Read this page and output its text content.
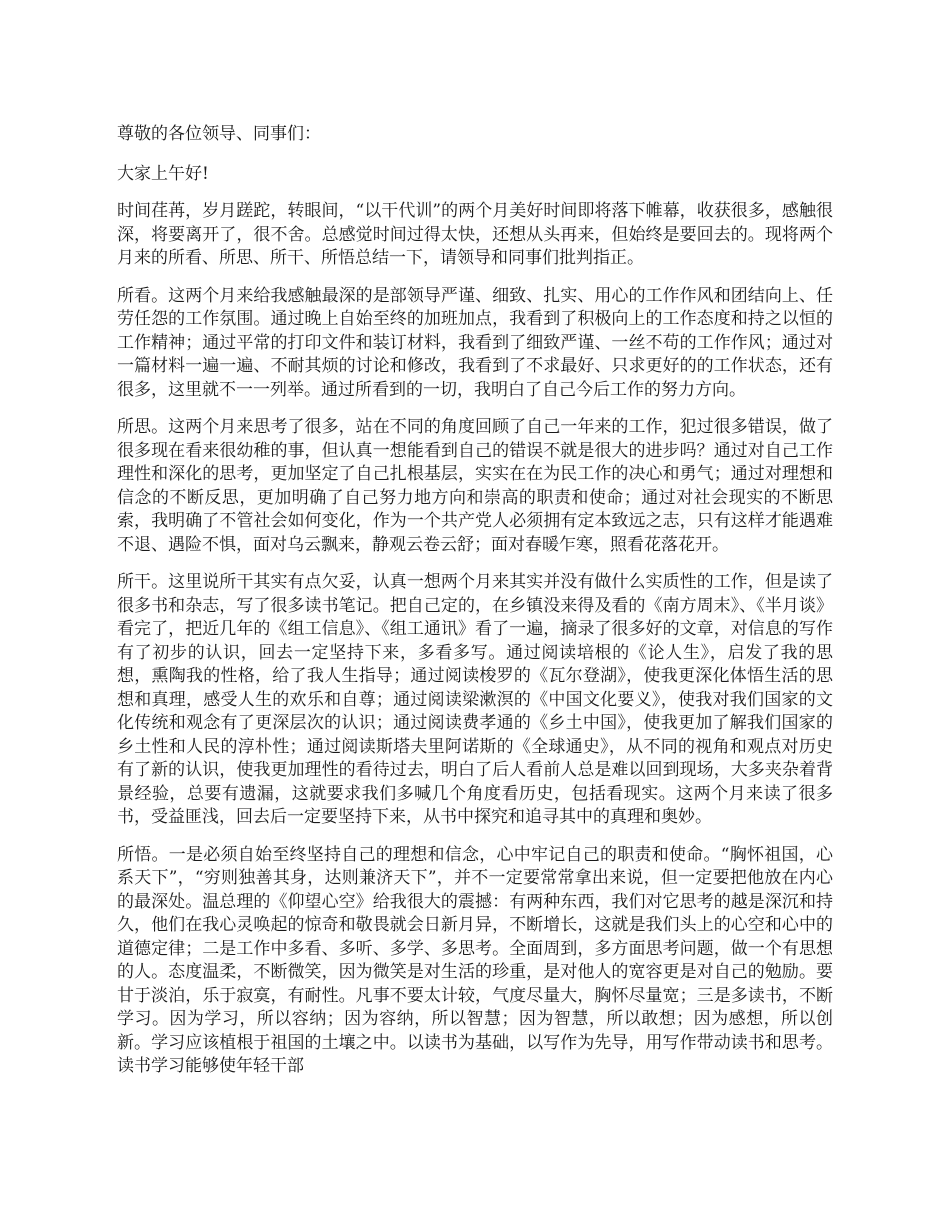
尊敬的各位领导、同事们：

大家上午好!

时间荏苒，岁月蹉跎，转眼间，“以干代训”的两个月美好时间即将落下帷幕，收获很多，感触很深，将要离开了，很不舍。总感觉时间过得太快，还想从头再来，但始终是要回去的。现将两个月来的所看、所思、所干、所悟总结一下，请领导和同事们批判指正。

所看。这两个月来给我感触最深的是部领导严谨、细致、扎实、用心的工作作风和团结向上、任劳任怨的工作氛围。通过晚上自始至终的加班加点，我看到了积极向上的工作态度和持之以恒的工作精神；通过平常的打印文件和装订材料，我看到了细致严谨、一丝不苟的工作作风；通过对一篇材料一遍一遍、不耐其烦的讨论和修改，我看到了不求最好、只求更好的的工作状态，还有很多，这里就不一一列举。通过所看到的一切，我明白了自己今后工作的努力方向。

所思。这两个月来思考了很多，站在不同的角度回顾了自己一年来的工作，犯过很多错误，做了很多现在看来很幼稚的事，但认真一想能看到自己的错误不就是很大的进步吗？通过对自己工作理性和深化的思考，更加坚定了自己扎根基层，实实在在为民工作的决心和勇气；通过对理想和信念的不断反思，更加明确了自己努力地方向和崇高的职责和使命；通过对社会现实的不断思索，我明确了不管社会如何变化，作为一个共产党人必须拥有定本致远之志，只有这样才能遇难不退、遇险不惧，面对乌云飘来，静观云卷云舒；面对春暖乍寒，照看花落花开。

所干。这里说所干其实有点欠妥，认真一想两个月来其实并没有做什么实质性的工作，但是读了很多书和杂志，写了很多读书笔记。把自己定的，在乡镇没来得及看的《南方周末》、《半月谈》看完了，把近几年的《组工信息》、《组工通讯》看了一遍，摘录了很多好的文章，对信息的写作有了初步的认识，回去一定坚持下来，多看多写。通过阅读培根的《论人生》，启发了我的思想，熏陶我的性格，给了我人生指导；通过阅读梭罗的《瓦尔登湖》，使我更深化体悟生活的思想和真理，感受人生的欢乐和自尊；通过阅读梁漱溟的《中国文化要义》，使我对我们国家的文化传统和观念有了更深层次的认识；通过阅读费孝通的《乡土中国》，使我更加了解我们国家的乡土性和人民的淳朴性；通过阅读斯塔夫里阿诺斯的《全球通史》，从不同的视角和观点对历史有了新的认识，使我更加理性的看待过去，明白了后人看前人总是难以回到现场，大多夹杂着背景经验，总要有遗漏，这就要求我们多喊几个角度看历史，包括看现实。这两个月来读了很多书，受益匪浅，回去后一定要坚持下来，从书中探究和追寻其中的真理和奥妙。

所悟。一是必须自始至终坚持自己的理想和信念，心中牢记自己的职责和使命。“胸怀祖国，心系天下”，“穷则独善其身，达则兼济天下”，并不一定要常常拿出来说，但一定要把他放在内心的最深处。温总理的《仰望心空》给我很大的震撼：有两种东西，我们对它思考的越是深沉和持久，他们在我心灵唤起的惊奇和敬畏就会日新月异，不断增长，这就是我们头上的心空和心中的道德定律；二是工作中多看、多听、多学、多思考。全面周到，多方面思考问题，做一个有思想的人。态度温柔，不断微笑，因为微笑是对生活的珍重，是对他人的宽容更是对自己的勉励。要甘于淡泊，乐于寂寞，有耐性。凡事不要太计较，气度尽量大，胸怀尽量宽；三是多读书，不断学习。因为学习，所以容纳；因为容纳，所以智慧；因为智慧，所以敢想；因为感想，所以创新。学习应该植根于祖国的土壤之中。以读书为基础，以写作为先导，用写作带动读书和思考。读书学习能够使年轻干部
